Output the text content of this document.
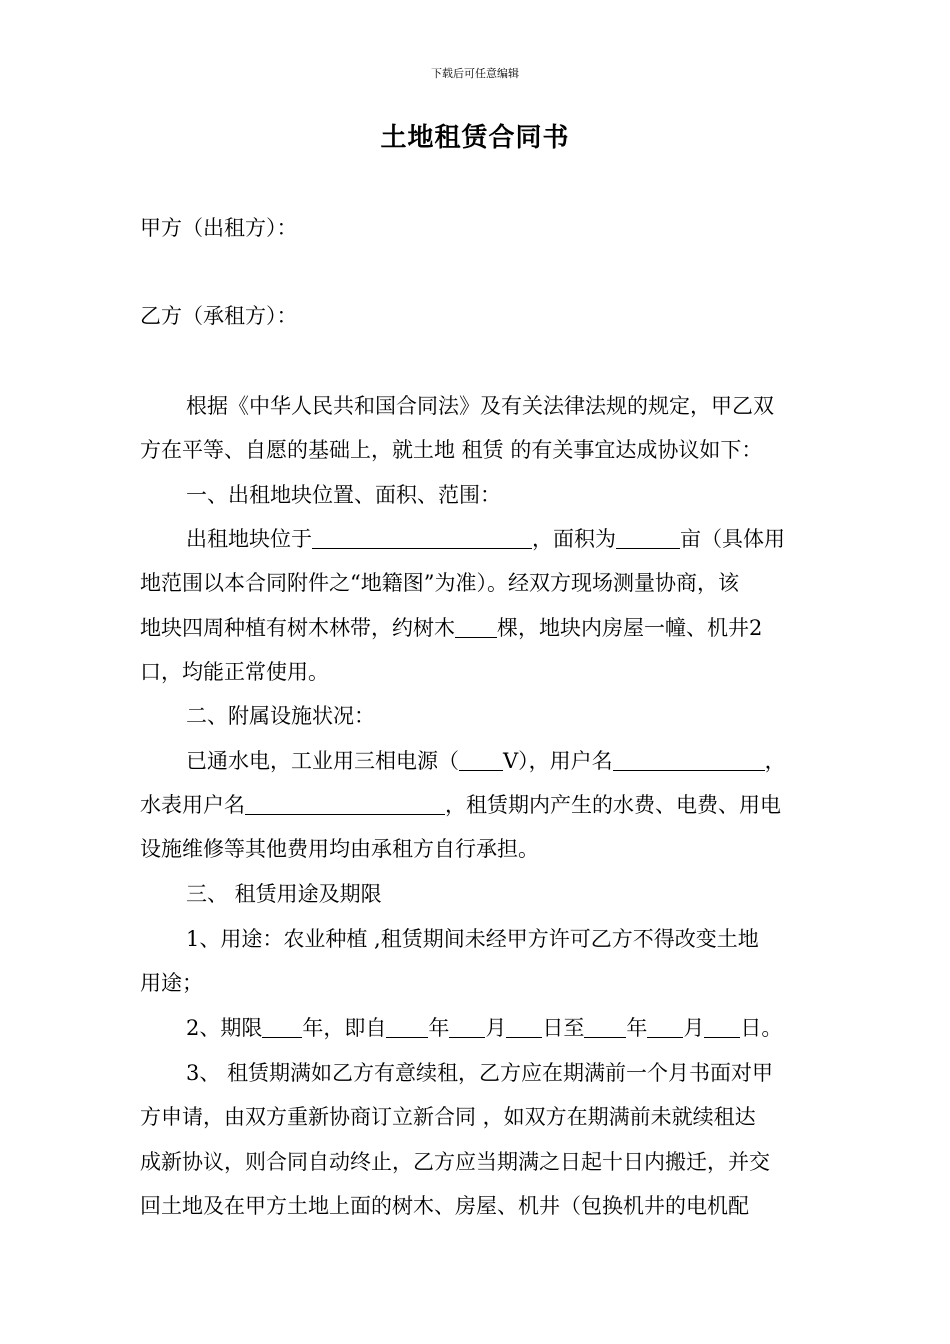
下载后可任意编辑
土地租赁合同书
甲方（出租方）：
乙方（承租方）：
根据《中华人民共和国合同法》及有关法律法规的规定，甲乙双
方在平等、自愿的基础上，就土地 租赁 的有关事宜达成协议如下：
一、出租地块位置、面积、范围：
出租地块位于	，面积为	亩（具体用
地范围以本合同附件之“地籍图”为准）。经双方现场测量协商，该
地块四周种植有树木林带，约树木 棵，地块内房屋一幢、机井2
口，均能正常使用。
二、附属设施状况：
已通水电，工业用三相电源（ V），用户名	，
水表用户名	，租赁期内产生的水费、电费、用电
设施维修等其他费用均由承租方自行承担。
三、 租赁用途及期限
1、用途：农业种植 ,租赁期间未经甲方许可乙方不得改变土地
用途；
2、期限 年，即自 年 月 日至 年 月 日。
3、 租赁期满如乙方有意续租，乙方应在期满前一个月书面对甲
方申请，由双方重新协商订立新合同 ，如双方在期满前未就续租达
成新协议，则合同自动终止，乙方应当期满之日起十日内搬迁，并交
回土地及在甲方土地上面的树木、房屋、机井（包换机井的电机配
